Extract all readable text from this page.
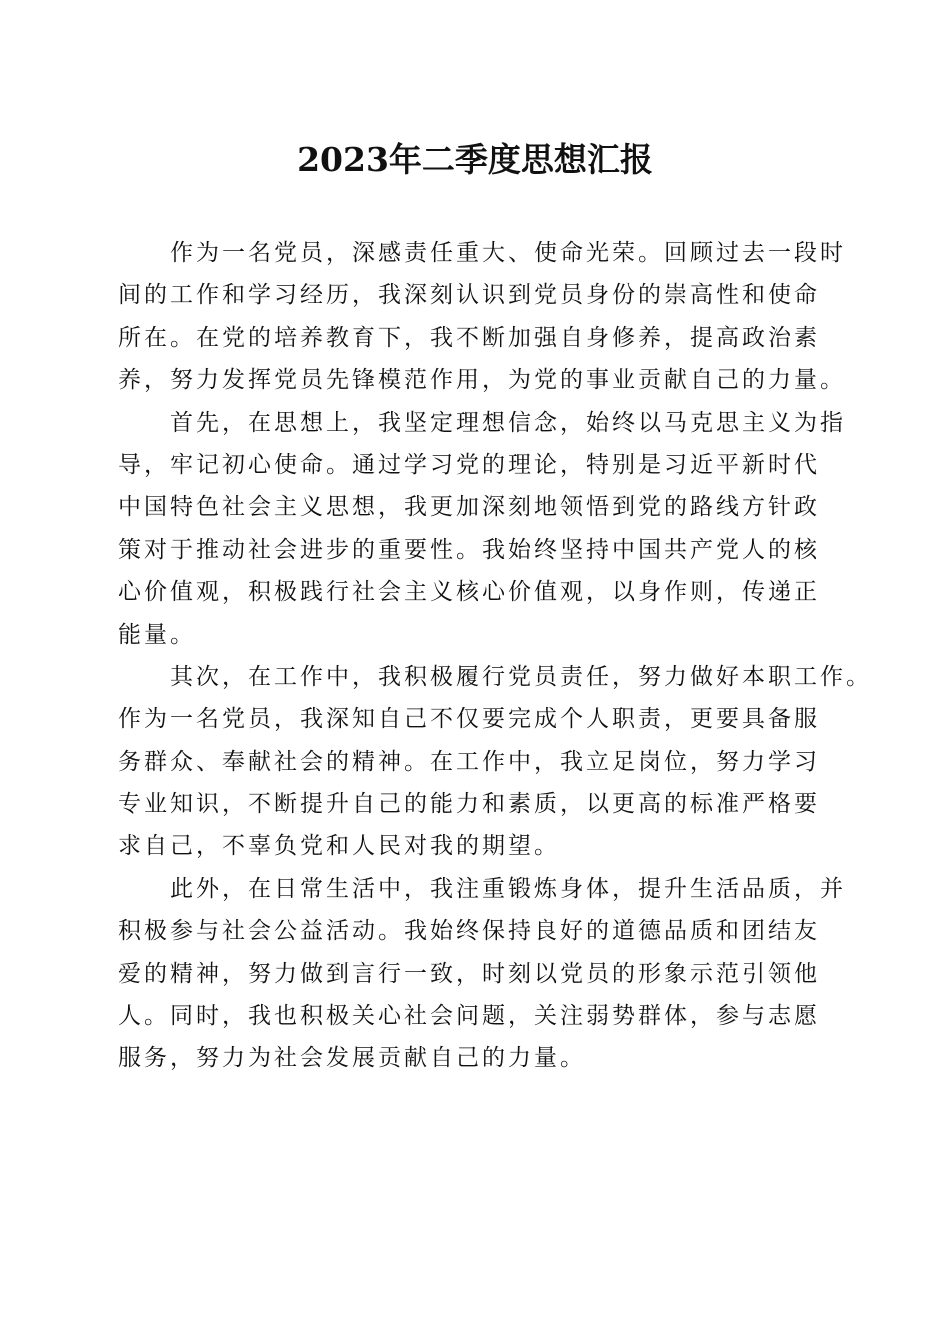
2023年二季度思想汇报
　　作为一名党员，深感责任重大、使命光荣。回顾过去一段时
间的工作和学习经历，我深刻认识到党员身份的崇高性和使命
所在。在党的培养教育下，我不断加强自身修养，提高政治素
养，努力发挥党员先锋模范作用，为党的事业贡献自己的力量。
　　首先，在思想上，我坚定理想信念，始终以马克思主义为指
导，牢记初心使命。通过学习党的理论，特别是习近平新时代
中国特色社会主义思想，我更加深刻地领悟到党的路线方针政
策对于推动社会进步的重要性。我始终坚持中国共产党人的核
心价值观，积极践行社会主义核心价值观，以身作则，传递正
能量。
　　其次，在工作中，我积极履行党员责任，努力做好本职工作。
作为一名党员，我深知自己不仅要完成个人职责，更要具备服
务群众、奉献社会的精神。在工作中，我立足岗位，努力学习
专业知识，不断提升自己的能力和素质，以更高的标准严格要
求自己，不辜负党和人民对我的期望。
　　此外，在日常生活中，我注重锻炼身体，提升生活品质，并
积极参与社会公益活动。我始终保持良好的道德品质和团结友
爱的精神，努力做到言行一致，时刻以党员的形象示范引领他
人。同时，我也积极关心社会问题，关注弱势群体，参与志愿
服务，努力为社会发展贡献自己的力量。
